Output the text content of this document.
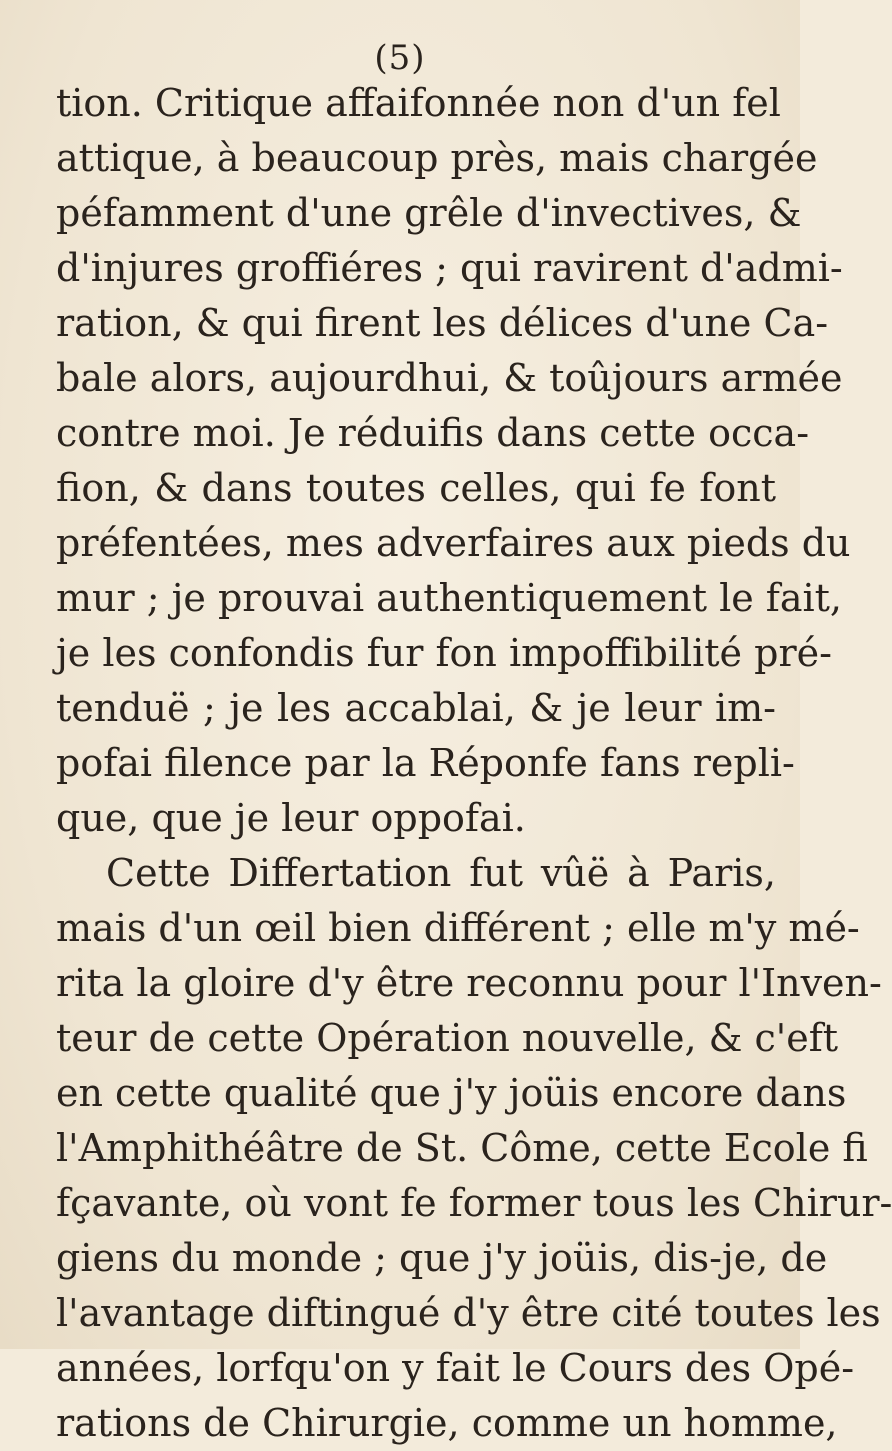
(5)
tion. Critique affaifonnée non d'un fel
attique, à beaucoup près, mais chargée
péfamment d'une grêle d'invectives, &
d'injures groffiéres ; qui ravirent d'admi-
ration, & qui firent les délices d'une Ca-
bale alors, aujourdhui, & toûjours armée
contre moi. Je réduifis dans cette occa-
fion, & dans toutes celles, qui fe font
préfentées, mes adverfaires aux pieds du
mur ; je prouvai authentiquement le fait,
je les confondis fur fon impoffibilité pré-
tenduë ; je les accablai, & je leur im-
pofai filence par la Réponfe fans repli-
que, que je leur oppofai.
Cette Differtation fut vûë à Paris,
mais d'un œil bien différent ; elle m'y mé-
rita la gloire d'y être reconnu pour l'Inven-
teur de cette Opération nouvelle, & c'eft
en cette qualité que j'y joüis encore dans
l'Amphithéâtre de St. Côme, cette Ecole fi
fçavante, où vont fe former tous les Chirur-
giens du monde ; que j'y joüis, dis-je, de
l'avantage diftingué d'y être cité toutes les
années, lorfqu'on y fait le Cours des Opé-
rations de Chirurgie, comme un homme,
